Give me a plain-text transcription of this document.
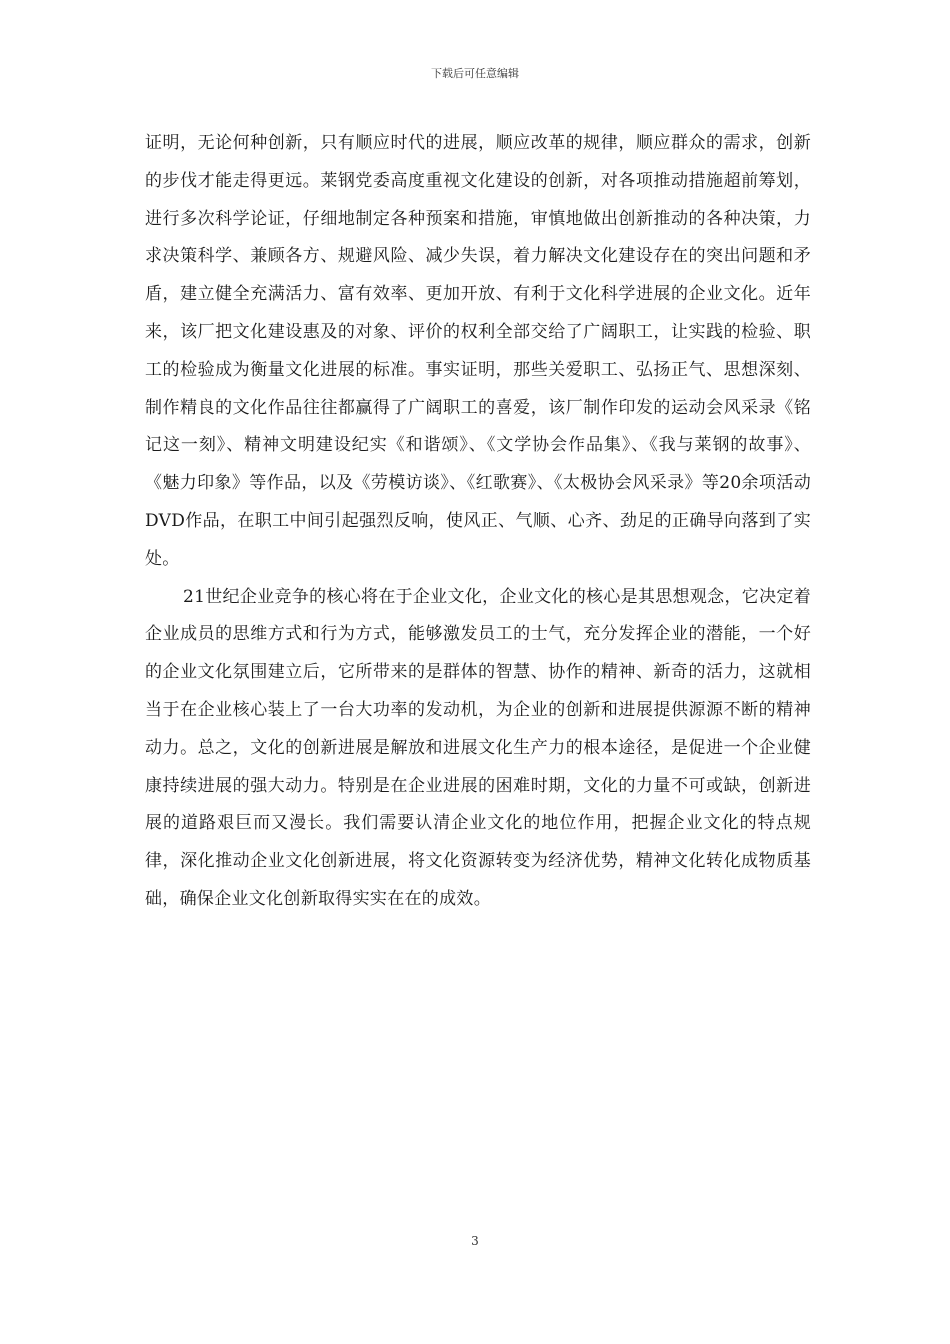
下载后可任意编辑

证明，无论何种创新，只有顺应时代的进展，顺应改革的规律，顺应群众的需求，创新的步伐才能走得更远。莱钢党委高度重视文化建设的创新，对各项推动措施超前筹划，进行多次科学论证，仔细地制定各种预案和措施，审慎地做出创新推动的各种决策，力求决策科学、兼顾各方、规避风险、减少失误，着力解决文化建设存在的突出问题和矛盾，建立健全充满活力、富有效率、更加开放、有利于文化科学进展的企业文化。近年来，该厂把文化建设惠及的对象、评价的权利全部交给了广阔职工，让实践的检验、职工的检验成为衡量文化进展的标准。事实证明，那些关爱职工、弘扬正气、思想深刻、制作精良的文化作品往往都赢得了广阔职工的喜爱，该厂制作印发的运动会风采录《铭记这一刻》、精神文明建设纪实《和谐颂》、《文学协会作品集》、《我与莱钢的故事》、《魅力印象》等作品，以及《劳模访谈》、《红歌赛》、《太极协会风采录》等20余项活动DVD作品，在职工中间引起强烈反响，使风正、气顺、心齐、劲足的正确导向落到了实处。

21世纪企业竞争的核心将在于企业文化，企业文化的核心是其思想观念，它决定着企业成员的思维方式和行为方式，能够激发员工的士气，充分发挥企业的潜能，一个好的企业文化氛围建立后，它所带来的是群体的智慧、协作的精神、新奇的活力，这就相当于在企业核心装上了一台大功率的发动机，为企业的创新和进展提供源源不断的精神动力。总之，文化的创新进展是解放和进展文化生产力的根本途径，是促进一个企业健康持续进展的强大动力。特别是在企业进展的困难时期，文化的力量不可或缺，创新进展的道路艰巨而又漫长。我们需要认清企业文化的地位作用，把握企业文化的特点规律，深化推动企业文化创新进展，将文化资源转变为经济优势，精神文化转化成物质基础，确保企业文化创新取得实实在在的成效。

3
